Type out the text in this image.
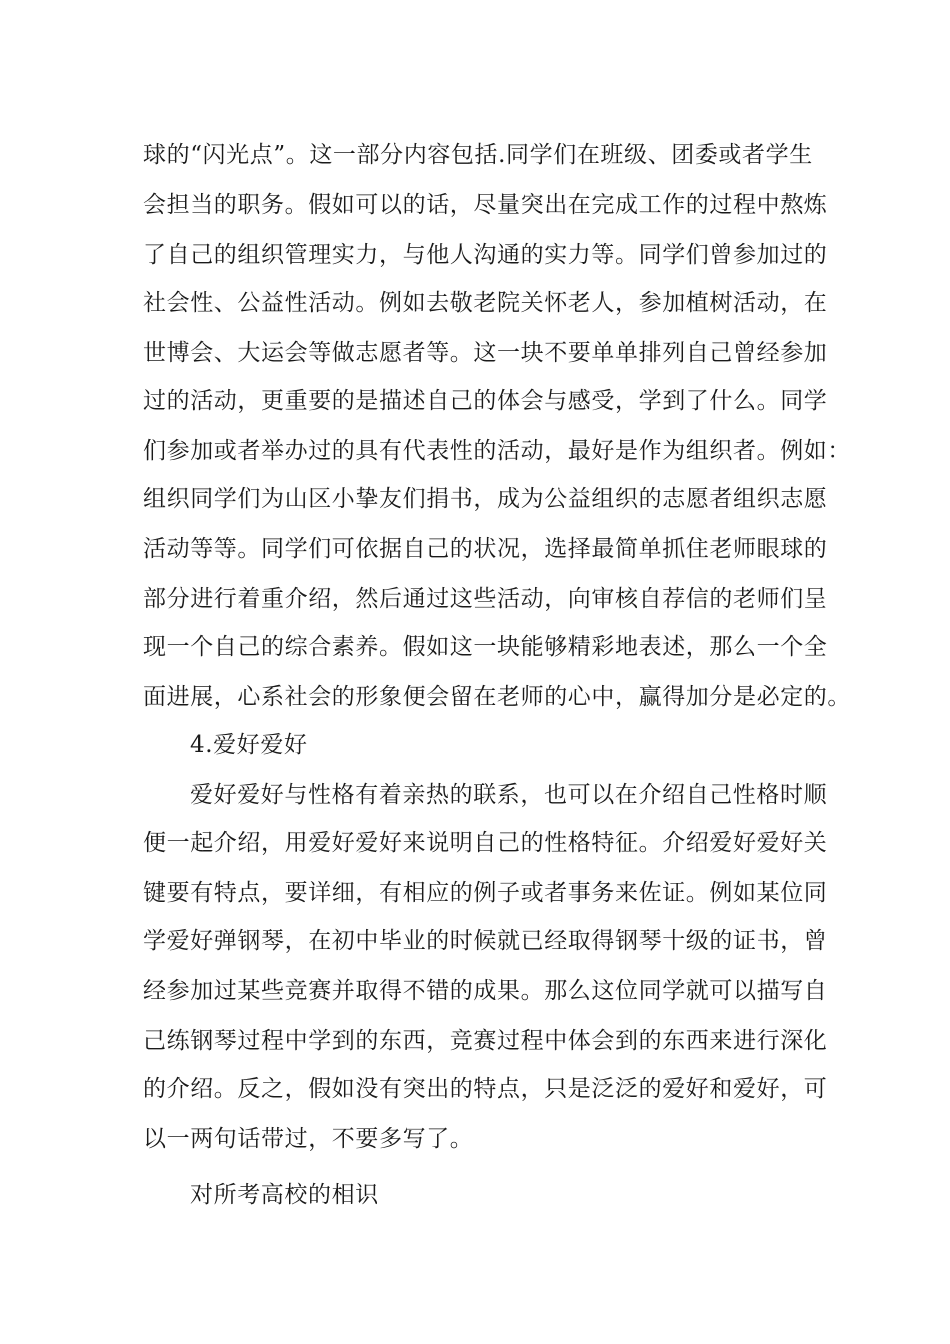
球的“闪光点”。这一部分内容包括.同学们在班级、团委或者学生
会担当的职务。假如可以的话，尽量突出在完成工作的过程中熬炼
了自己的组织管理实力，与他人沟通的实力等。同学们曾参加过的
社会性、公益性活动。例如去敬老院关怀老人，参加植树活动，在
世博会、大运会等做志愿者等。这一块不要单单排列自己曾经参加
过的活动，更重要的是描述自己的体会与感受，学到了什么。同学
们参加或者举办过的具有代表性的活动，最好是作为组织者。例如：
组织同学们为山区小挚友们捐书，成为公益组织的志愿者组织志愿
活动等等。同学们可依据自己的状况，选择最简单抓住老师眼球的
部分进行着重介绍，然后通过这些活动，向审核自荐信的老师们呈
现一个自己的综合素养。假如这一块能够精彩地表述，那么一个全
面进展，心系社会的形象便会留在老师的心中，赢得加分是必定的。
4.爱好爱好
爱好爱好与性格有着亲热的联系，也可以在介绍自己性格时顺
便一起介绍，用爱好爱好来说明自己的性格特征。介绍爱好爱好关
键要有特点，要详细，有相应的例子或者事务来佐证。例如某位同
学爱好弹钢琴，在初中毕业的时候就已经取得钢琴十级的证书，曾
经参加过某些竞赛并取得不错的成果。那么这位同学就可以描写自
己练钢琴过程中学到的东西，竞赛过程中体会到的东西来进行深化
的介绍。反之，假如没有突出的特点，只是泛泛的爱好和爱好，可
以一两句话带过，不要多写了。
对所考高校的相识
